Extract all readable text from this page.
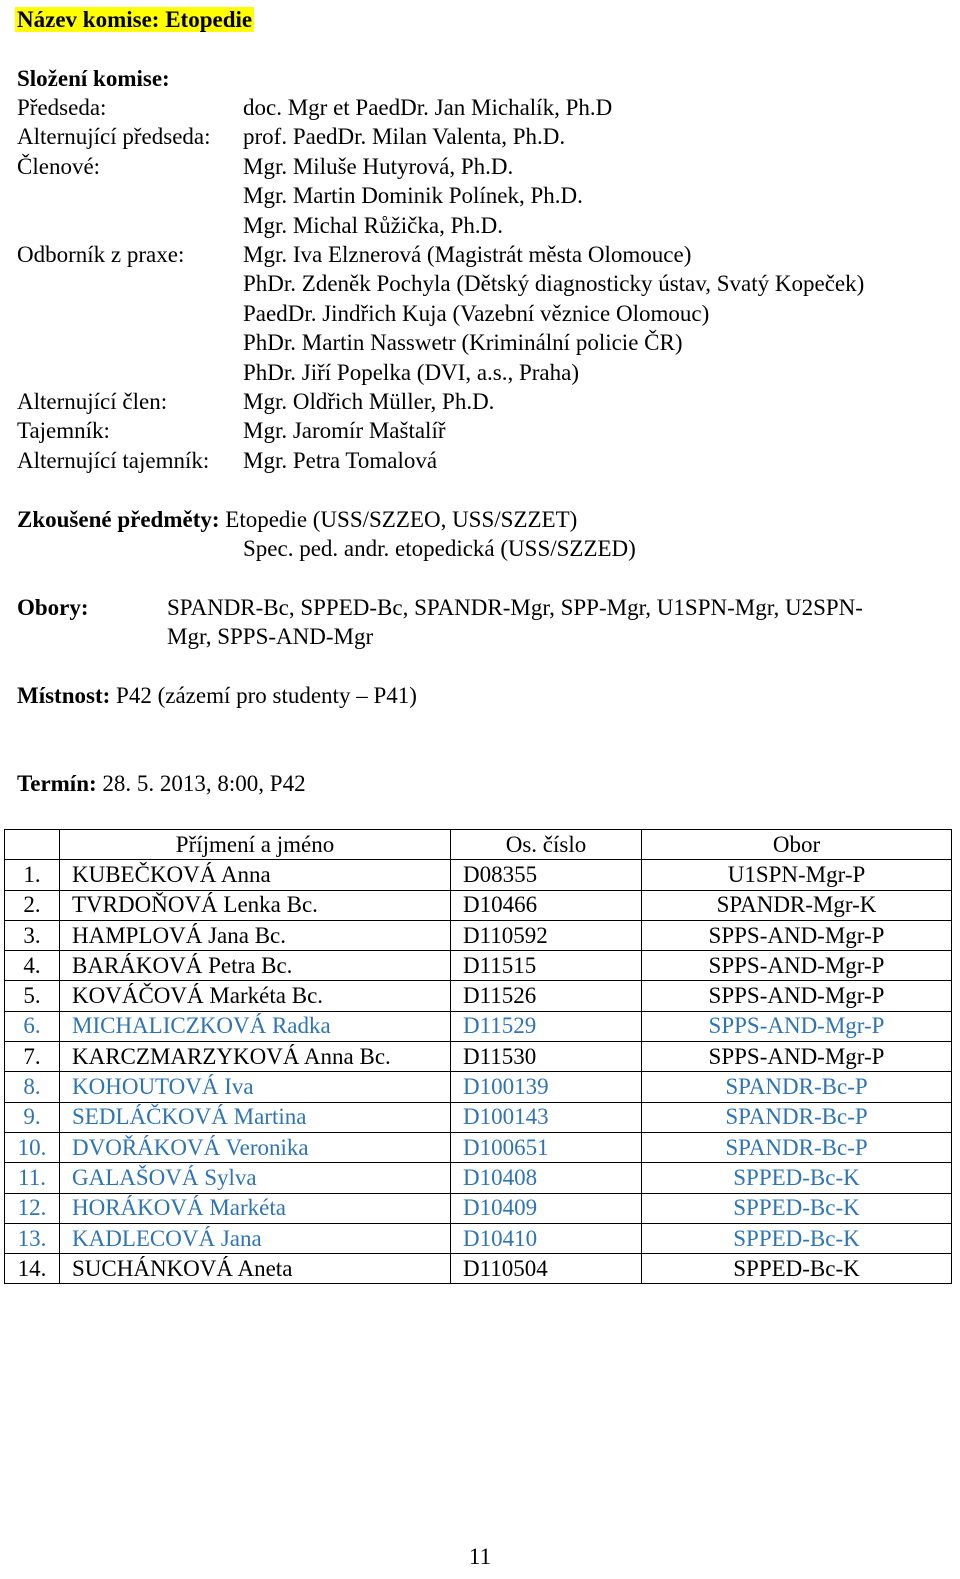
Název komise: Etopedie
Složení komise:
Předseda:	doc. Mgr et PaedDr. Jan Michalík, Ph.D
Alternující předseda: prof. PaedDr. Milan Valenta, Ph.D.
Členové:	Mgr. Miluše Hutyrová, Ph.D.
Mgr. Martin Dominik Polínek, Ph.D.
Mgr. Michal Růžička, Ph.D.
Odborník z praxe:	Mgr. Iva Elznerová (Magistrát města Olomouce)
PhDr. Zdeněk Pochyla (Dětský diagnosticky ústav, Svatý Kopeček)
PaedDr. Jindřich Kuja (Vazební věznice Olomouc)
PhDr. Martin Nasswetr (Kriminální policie ČR)
PhDr. Jiří Popelka (DVI, a.s., Praha)
Alternující člen:	Mgr. Oldřich Müller, Ph.D.
Tajemník:	Mgr. Jaromír Maštalíř
Alternující tajemník: Mgr. Petra Tomalová
Zkoušené předměty: Etopedie (USS/SZZEO, USS/SZZET)
Spec. ped. andr. etopedická (USS/SZZED)
Obory:	SPANDR-Bc, SPPED-Bc, SPANDR-Mgr, SPP-Mgr, U1SPN-Mgr, U2SPN-
Mgr, SPPS-AND-Mgr
Místnost: P42 (zázemí pro studenty – P41)
Termín: 28. 5. 2013, 8:00, P42
	Příjmení a jméno	Os. číslo	Obor
1.	KUBEČKOVÁ Anna	D08355	U1SPN-Mgr-P
2.	TVRDOŇOVÁ Lenka Bc.	D10466	SPANDR-Mgr-K
3.	HAMPLOVÁ Jana Bc.	D110592	SPPS-AND-Mgr-P
4.	BARÁKOVÁ Petra Bc.	D11515	SPPS-AND-Mgr-P
5.	KOVÁČOVÁ Markéta Bc.	D11526	SPPS-AND-Mgr-P
6.	MICHALICZKOVÁ Radka	D11529	SPPS-AND-Mgr-P
7.	KARCZMARZYKOVÁ Anna Bc.	D11530	SPPS-AND-Mgr-P
8.	KOHOUTOVÁ Iva	D100139	SPANDR-Bc-P
9.	SEDLÁČKOVÁ Martina	D100143	SPANDR-Bc-P
10.	DVOŘÁKOVÁ Veronika	D100651	SPANDR-Bc-P
11.	GALAŠOVÁ Sylva	D10408	SPPED-Bc-K
12.	HORÁKOVÁ Markéta	D10409	SPPED-Bc-K
13.	KADLECOVÁ Jana	D10410	SPPED-Bc-K
14.	SUCHÁNKOVÁ Aneta	D110504	SPPED-Bc-K
11
